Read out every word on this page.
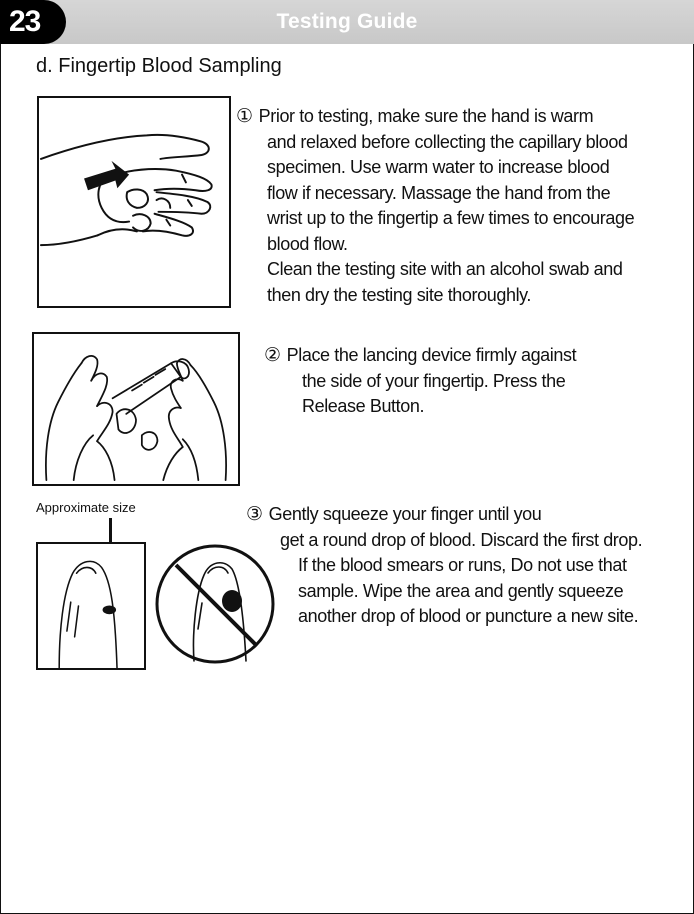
Testing Guide
23
d. Fingertip Blood Sampling
① Prior to testing, make sure the hand is warm
and relaxed before collecting the capillary blood
specimen. Use warm water to increase blood
flow if necessary. Massage the hand from the
wrist up to the fingertip a few times to encourage
blood flow.
Clean the testing site with an alcohol swab and
then dry the testing site thoroughly.
② Place the lancing device firmly against
the side of your fingertip. Press the
Release Button.
Approximate size	③ Gently squeeze your finger until you
get a round drop of blood. Discard the first drop.
If the blood smears or runs, Do not use that
sample. Wipe the area and gently squeeze
another drop of blood or puncture a new site.
